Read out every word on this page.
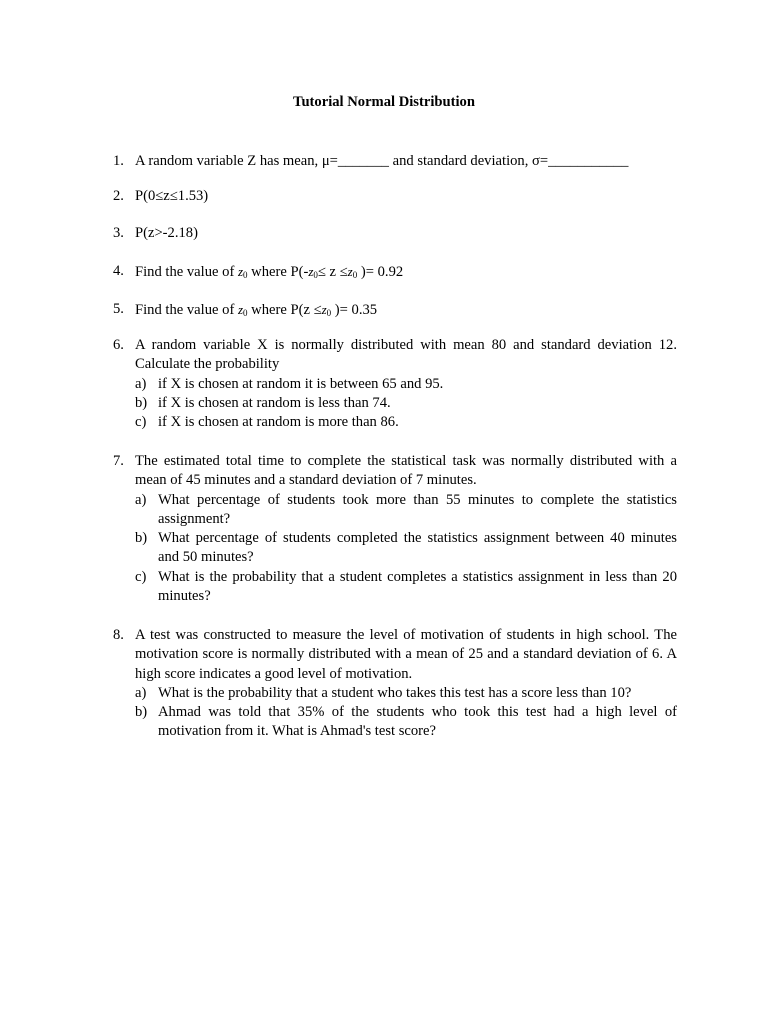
Tutorial Normal Distribution
1. A random variable Z has mean, μ=_______ and standard deviation, σ=___________
2. P(0≤z≤1.53)
3. P(z>-2.18)
4. Find the value of $z_0$ where $P(-z_0\le z \le z_0$ )= 0.92
5. Find the value of $z_0$ where $P(z \le z_0$ )= 0.35
6. A random variable X is normally distributed with mean 80 and standard deviation 12. Calculate the probability
a) if X is chosen at random it is between 65 and 95.
b) if X is chosen at random is less than 74.
c) if X is chosen at random is more than 86.
7. The estimated total time to complete the statistical task was normally distributed with a mean of 45 minutes and a standard deviation of 7 minutes.
a) What percentage of students took more than 55 minutes to complete the statistics assignment?
b) What percentage of students completed the statistics assignment between 40 minutes and 50 minutes?
c) What is the probability that a student completes a statistics assignment in less than 20 minutes?
8. A test was constructed to measure the level of motivation of students in high school. The motivation score is normally distributed with a mean of 25 and a standard deviation of 6. A high score indicates a good level of motivation.
a) What is the probability that a student who takes this test has a score less than 10?
b) Ahmad was told that 35% of the students who took this test had a high level of motivation from it. What is Ahmad's test score?
